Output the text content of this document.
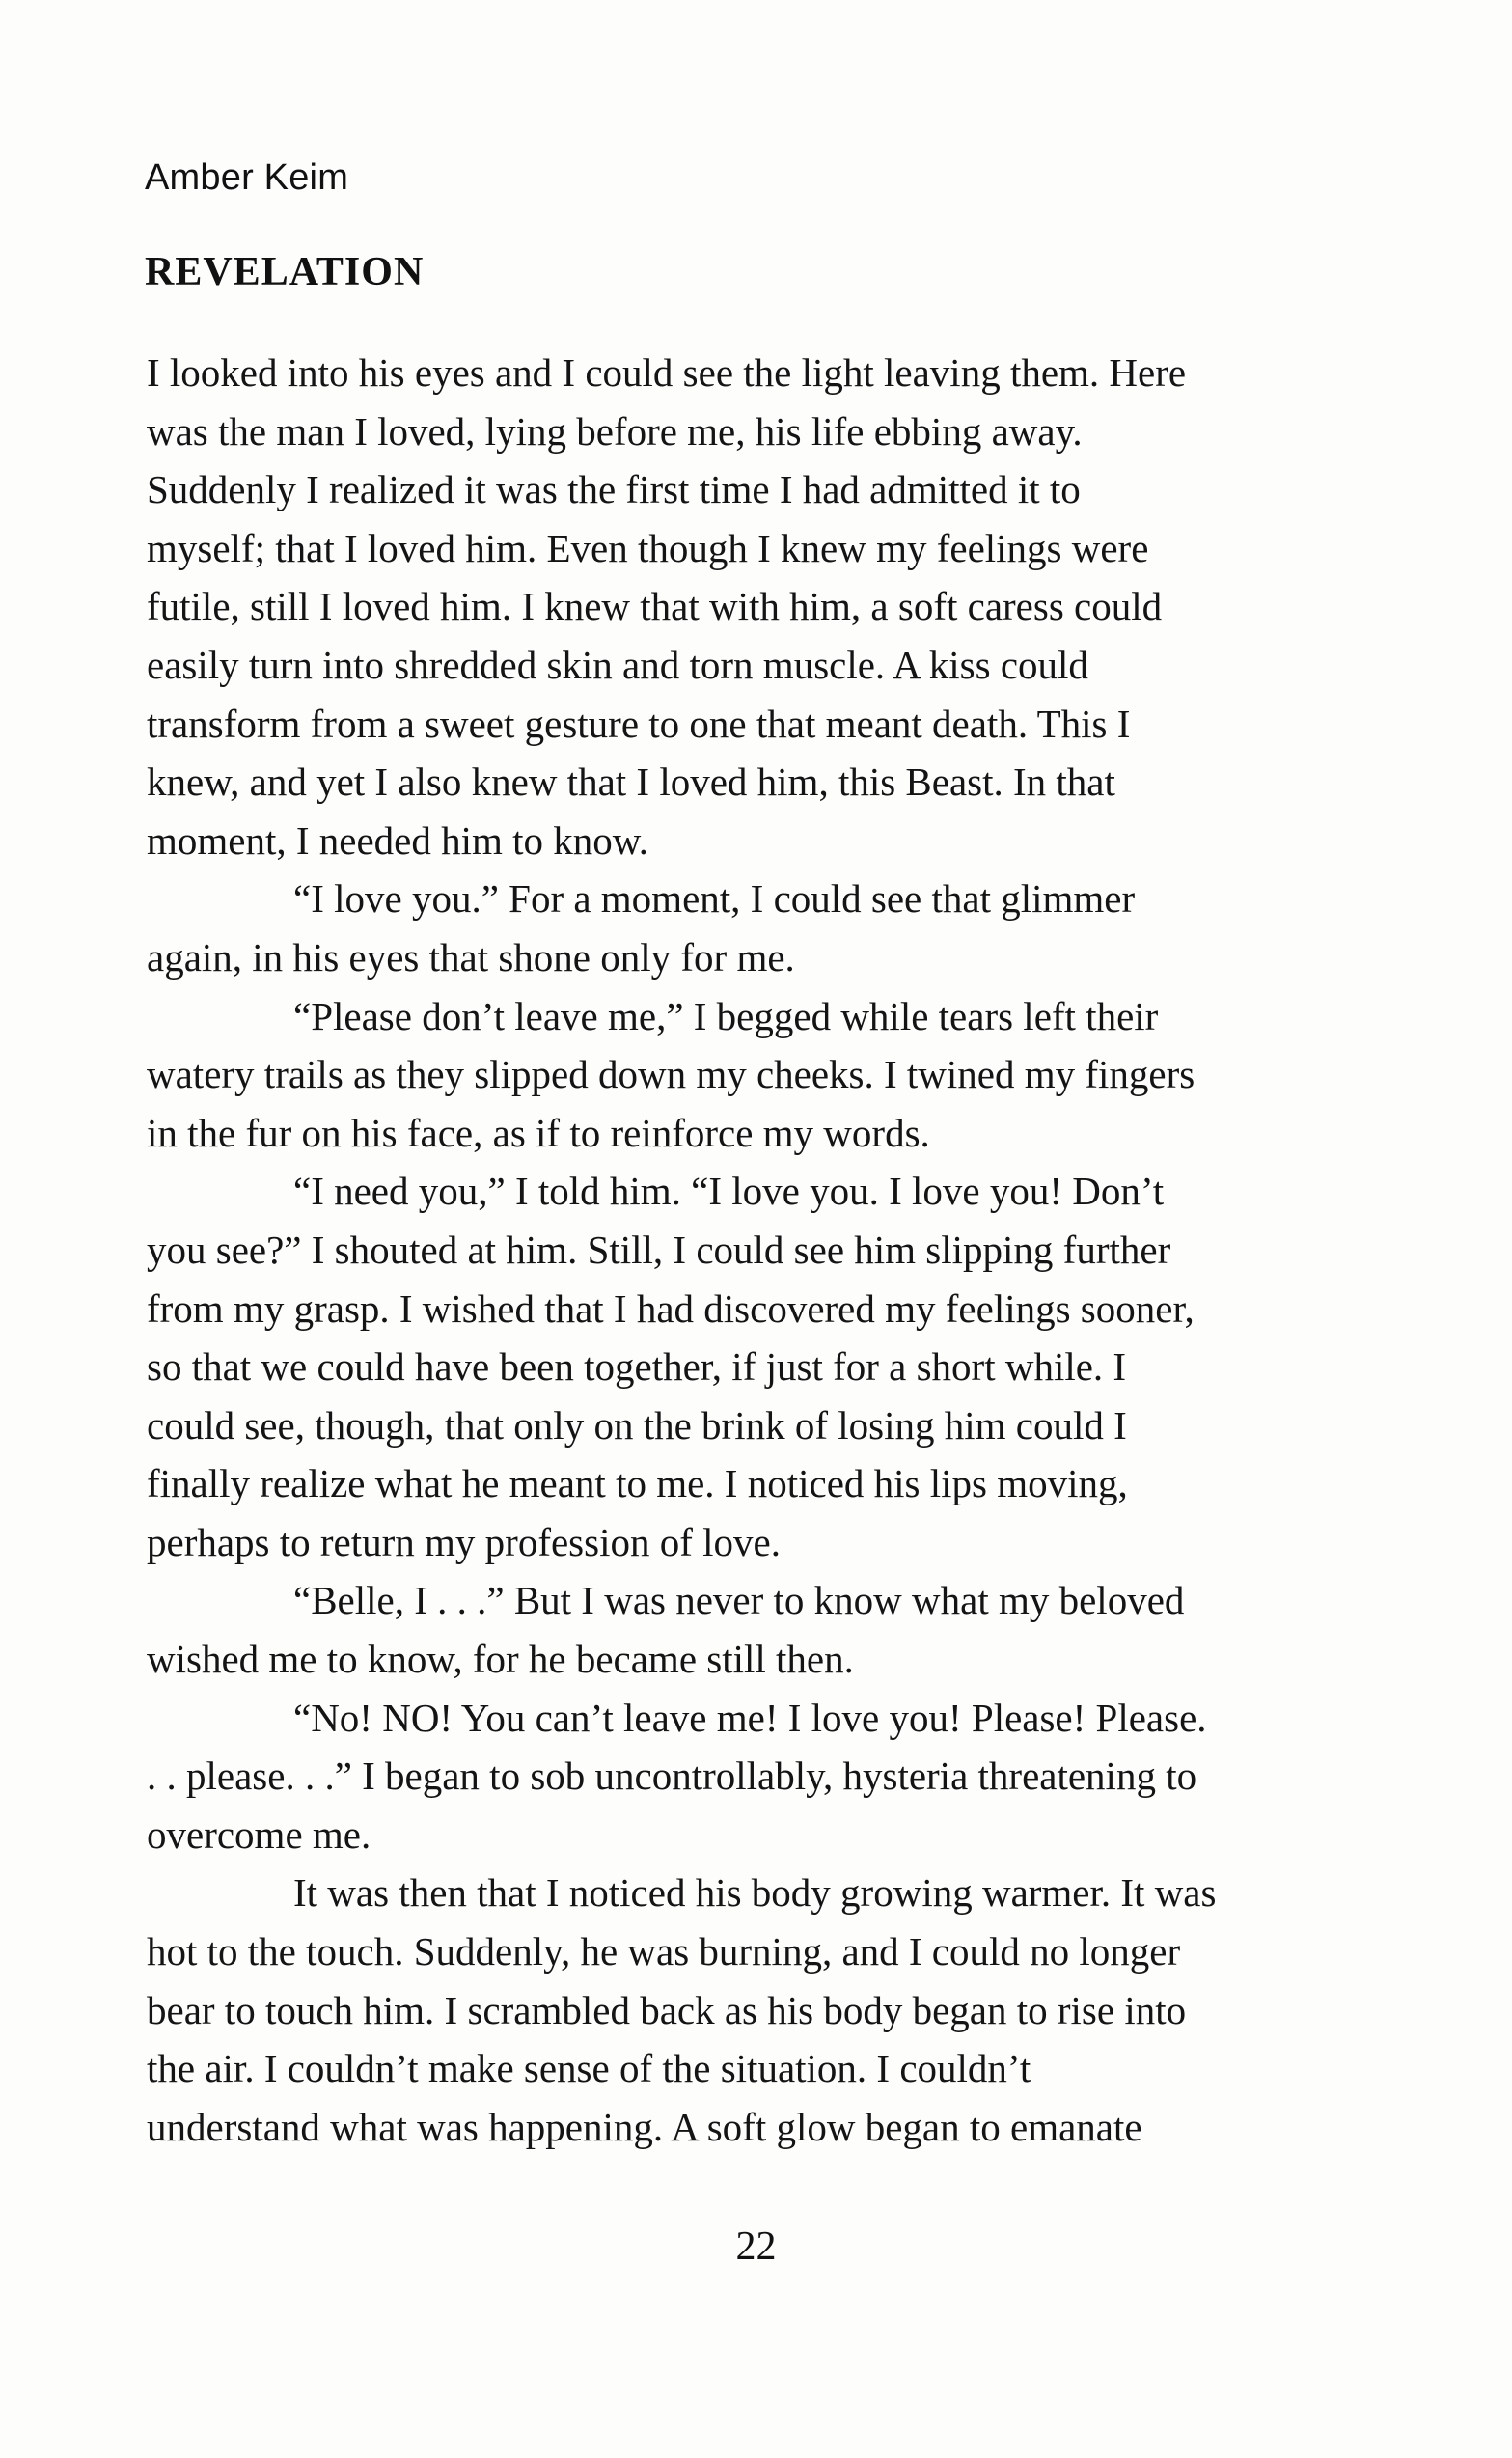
Amber Keim
REVELATION
I looked into his eyes and I could see the light leaving them. Here
was the man I loved, lying before me, his life ebbing away.
Suddenly I realized it was the first time I had admitted it to
myself; that I loved him. Even though I knew my feelings were
futile, still I loved him. I knew that with him, a soft caress could
easily turn into shredded skin and torn muscle. A kiss could
transform from a sweet gesture to one that meant death. This I
knew, and yet I also knew that I loved him, this Beast. In that
moment, I needed him to know.
“I love you.” For a moment, I could see that glimmer
again, in his eyes that shone only for me.
“Please don’t leave me,” I begged while tears left their
watery trails as they slipped down my cheeks. I twined my fingers
in the fur on his face, as if to reinforce my words.
“I need you,” I told him. “I love you. I love you! Don’t
you see?” I shouted at him. Still, I could see him slipping further
from my grasp. I wished that I had discovered my feelings sooner,
so that we could have been together, if just for a short while. I
could see, though, that only on the brink of losing him could I
finally realize what he meant to me. I noticed his lips moving,
perhaps to return my profession of love.
“Belle, I . . .” But I was never to know what my beloved
wished me to know, for he became still then.
“No! NO! You can’t leave me! I love you! Please! Please.
. . please. . .” I began to sob uncontrollably, hysteria threatening to
overcome me.
It was then that I noticed his body growing warmer. It was
hot to the touch. Suddenly, he was burning, and I could no longer
bear to touch him. I scrambled back as his body began to rise into
the air. I couldn’t make sense of the situation. I couldn’t
understand what was happening. A soft glow began to emanate
22
